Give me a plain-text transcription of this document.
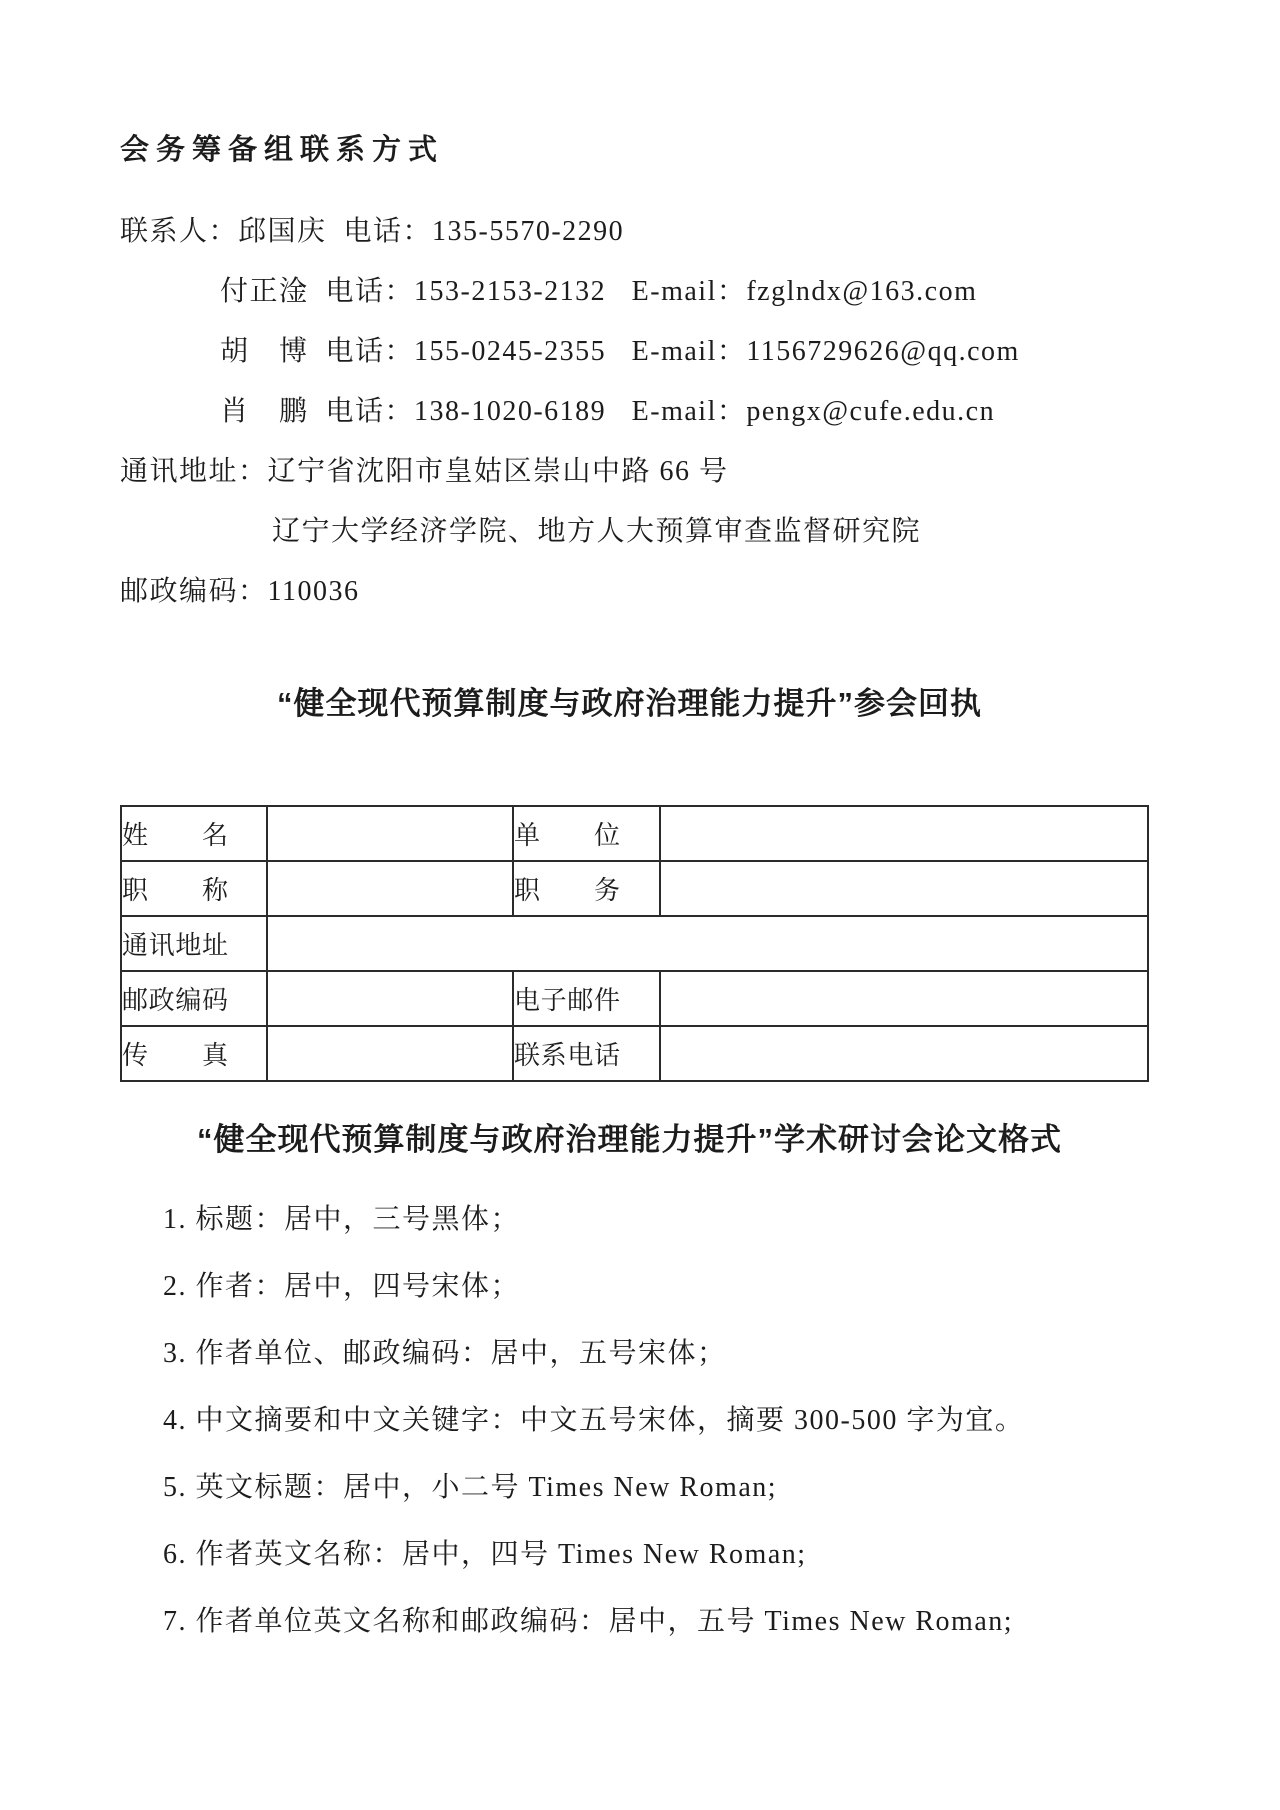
会务筹备组联系方式

联系人：邱国庆  电话：135-5570-2290

付正淦  电话：153-2153-2132   E-mail：fzglndx@163.com

胡　博  电话：155-0245-2355   E-mail：1156729626@qq.com

肖　鹏  电话：138-1020-6189   E-mail：pengx@cufe.edu.cn

通讯地址：辽宁省沈阳市皇姑区崇山中路 66 号

辽宁大学经济学院、地方人大预算审查监督研究院

邮政编码：110036

“健全现代预算制度与政府治理能力提升”参会回执
姓名		单位	
职称		职务	
通讯地址			
邮政编码		电子邮件	
传真		联系电话	
“健全现代预算制度与政府治理能力提升”学术研讨会论文格式
1. 标题：居中，三号黑体；
2. 作者：居中，四号宋体；
3. 作者单位、邮政编码：居中，五号宋体；
4. 中文摘要和中文关键字：中文五号宋体，摘要 300-500 字为宜。
5. 英文标题：居中，小二号 Times New Roman;
6. 作者英文名称：居中，四号 Times New Roman;
7. 作者单位英文名称和邮政编码：居中，五号 Times New Roman;
